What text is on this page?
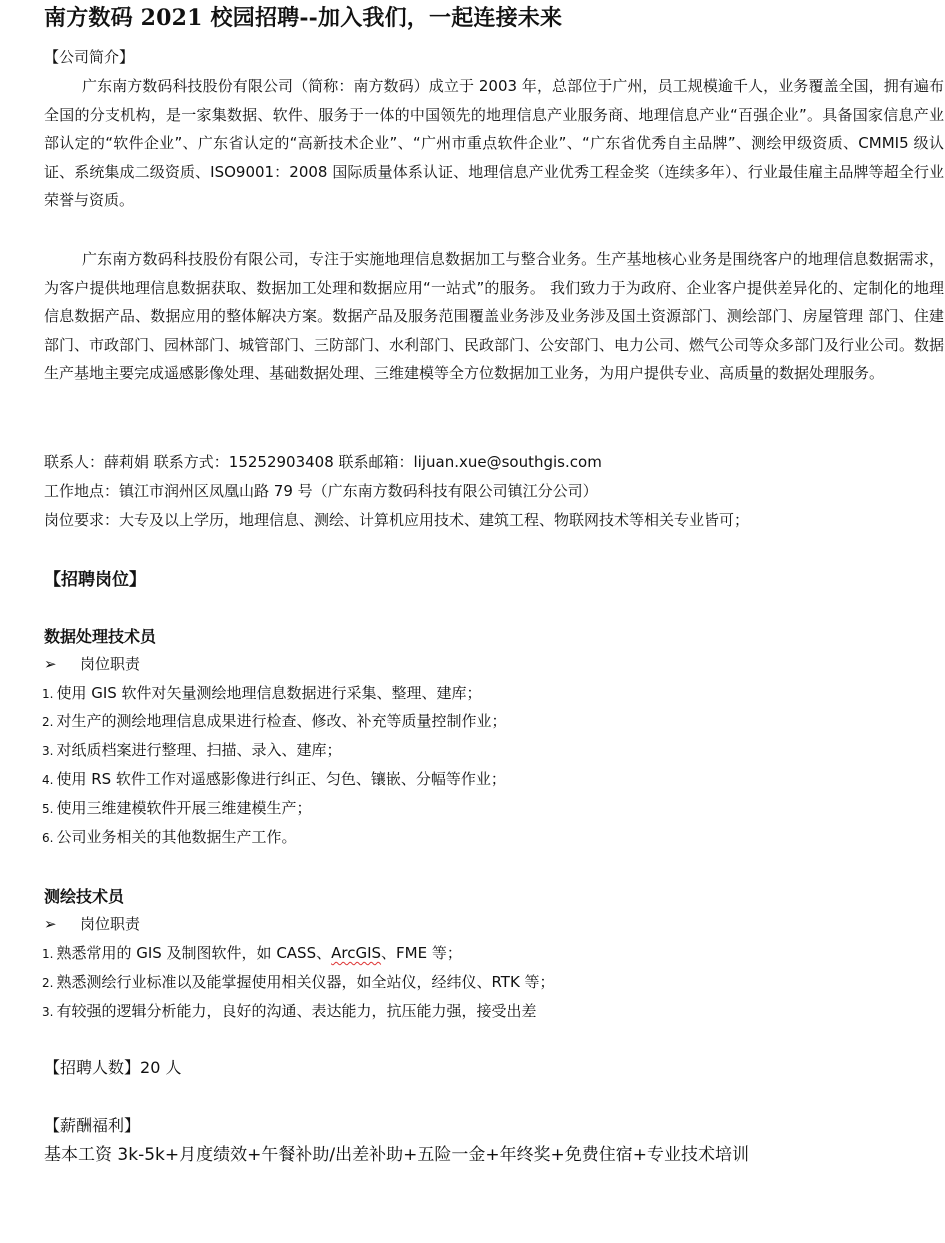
南方数码 2021 校园招聘--加入我们，一起连接未来
【公司简介】

广东南方数码科技股份有限公司（简称：南方数码）成立于 2003 年，总部位于广州，员工规模逾千人，业务覆盖全国，拥有遍布全国的分支机构，是一家集数据、软件、服务于一体的中国领先的地理信息产业服务商、地理信息产业“百强企业”。具备国家信息产业部认定的“软件企业”、广东省认定的“高新技术企业”、“广州市重点软件企业”、“广东省优秀自主品牌”、测绘甲级资质、CMMI5 级认证、系统集成二级资质、ISO9001：2008 国际质量体系认证、地理信息产业优秀工程金奖（连续多年）、行业最佳雇主品牌等超全行业荣誉与资质。

广东南方数码科技股份有限公司，专注于实施地理信息数据加工与整合业务。生产基地核心业务是围绕客户的地理信息数据需求，为客户提供地理信息数据获取、数据加工处理和数据应用“一站式”的服务。 我们致力于为政府、企业客户提供差异化的、定制化的地理信息数据产品、数据应用的整体解决方案。数据产品及服务范围覆盖业务涉及业务涉及国土资源部门、测绘部门、房屋管理 部门、住建部门、市政部门、园林部门、城管部门、三防部门、水利部门、民政部门、公安部门、电力公司、燃气公司等众多部门及行业公司。数据生产基地主要完成遥感影像处理、基础数据处理、三维建模等全方位数据加工业务，为用户提供专业、高质量的数据处理服务。

联系人：薛莉娟 联系方式：15252903408 联系邮箱：lijuan.xue@southgis.com
工作地点：镇江市润州区凤凰山路 79 号（广东南方数码科技有限公司镇江分公司）
岗位要求：大专及以上学历，地理信息、测绘、计算机应用技术、建筑工程、物联网技术等相关专业皆可；
【招聘岗位】
数据处理技术员
➢ 岗位职责
1. 使用 GIS 软件对矢量测绘地理信息数据进行采集、整理、建库；
2. 对生产的测绘地理信息成果进行检查、修改、补充等质量控制作业；
3. 对纸质档案进行整理、扫描、录入、建库；
4. 使用 RS 软件工作对遥感影像进行纠正、匀色、镶嵌、分幅等作业；
5. 使用三维建模软件开展三维建模生产；
6. 公司业务相关的其他数据生产工作。
测绘技术员
➢ 岗位职责
1. 熟悉常用的 GIS 及制图软件，如 CASS、ArcGIS、FME 等；
2. 熟悉测绘行业标准以及能掌握使用相关仪器，如全站仪，经纬仪、RTK 等；
3. 有较强的逻辑分析能力，良好的沟通、表达能力，抗压能力强，接受出差
【招聘人数】20 人
【薪酬福利】
基本工资 3k-5k+月度绩效+午餐补助/出差补助+五险一金+年终奖+免费住宿+专业技术培训
